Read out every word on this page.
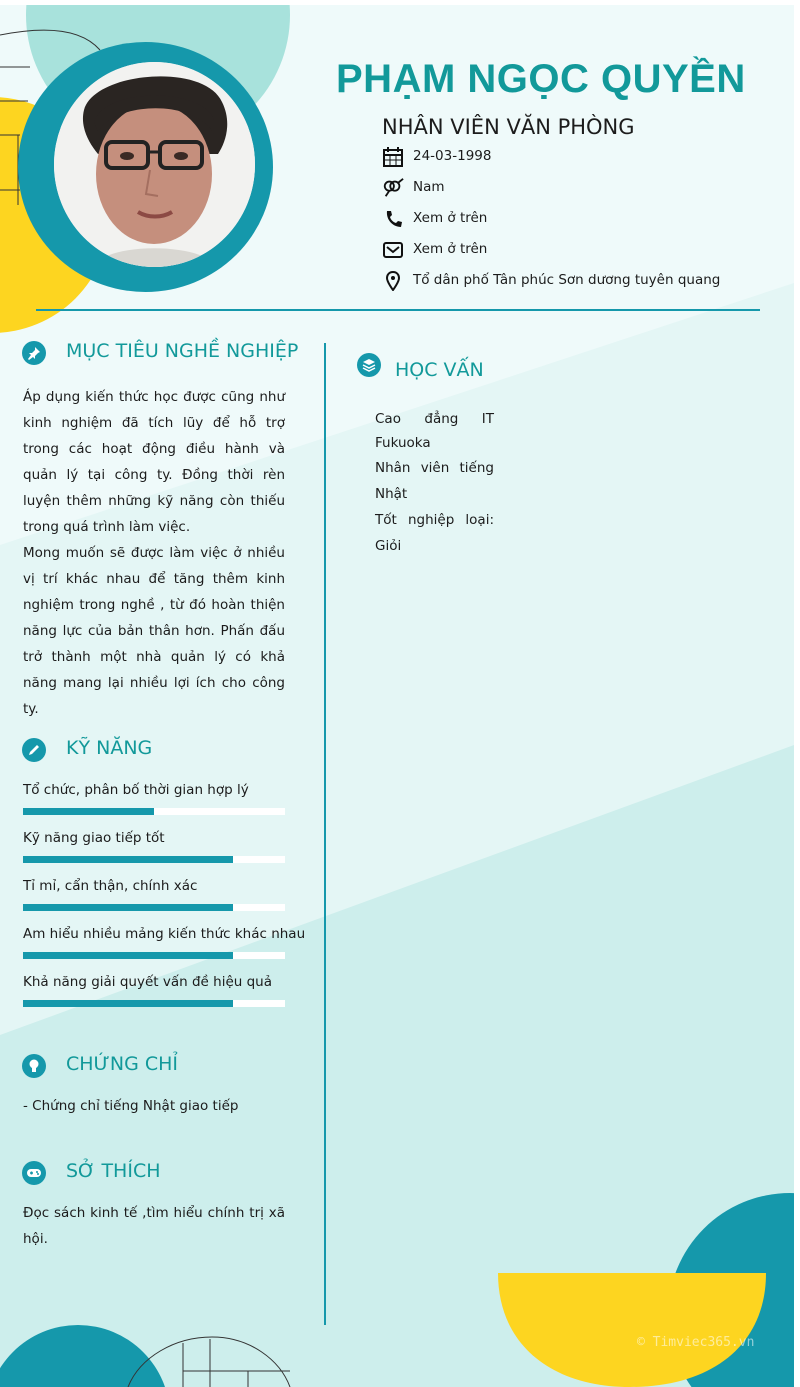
PHẠM NGỌC QUYỀN
NHÂN VIÊN VĂN PHÒNG
24-03-1998
Nam
Xem ở trên
Xem ở trên
Tổ dân phố Tân phúc Sơn dương tuyên quang
MỤC TIÊU NGHỀ NGHIỆP
Áp dụng kiến thức học được cũng như kinh nghiệm đã tích lũy để hỗ trợ trong các hoạt động điều hành và quản lý tại công ty. Đồng thời rèn luyện thêm những kỹ năng còn thiếu trong quá trình làm việc.
Mong muốn sẽ được làm việc ở nhiều vị trí khác nhau để tăng thêm kinh nghiệm trong nghề , từ đó hoàn thiện năng lực của bản thân hơn. Phấn đấu trở thành một nhà quản lý có khả năng mang lại nhiều lợi ích cho công ty.
KỸ NĂNG
Tổ chức, phân bố thời gian hợp lý
Kỹ năng giao tiếp tốt
Tỉ mỉ, cẩn thận, chính xác
Am hiểu nhiều mảng kiến thức khác nhau
Khả năng giải quyết vấn đề hiệu quả
CHỨNG CHỈ
- Chứng chỉ tiếng Nhật giao tiếp
SỞ THÍCH
Đọc sách kinh tế ,tìm hiểu chính trị xã hội.
HỌC VẤN
Cao đẳng IT
Fukuoka
Nhân viên tiếng
Nhật
Tốt nghiệp loại:
Giỏi
© Timviec365.vn
